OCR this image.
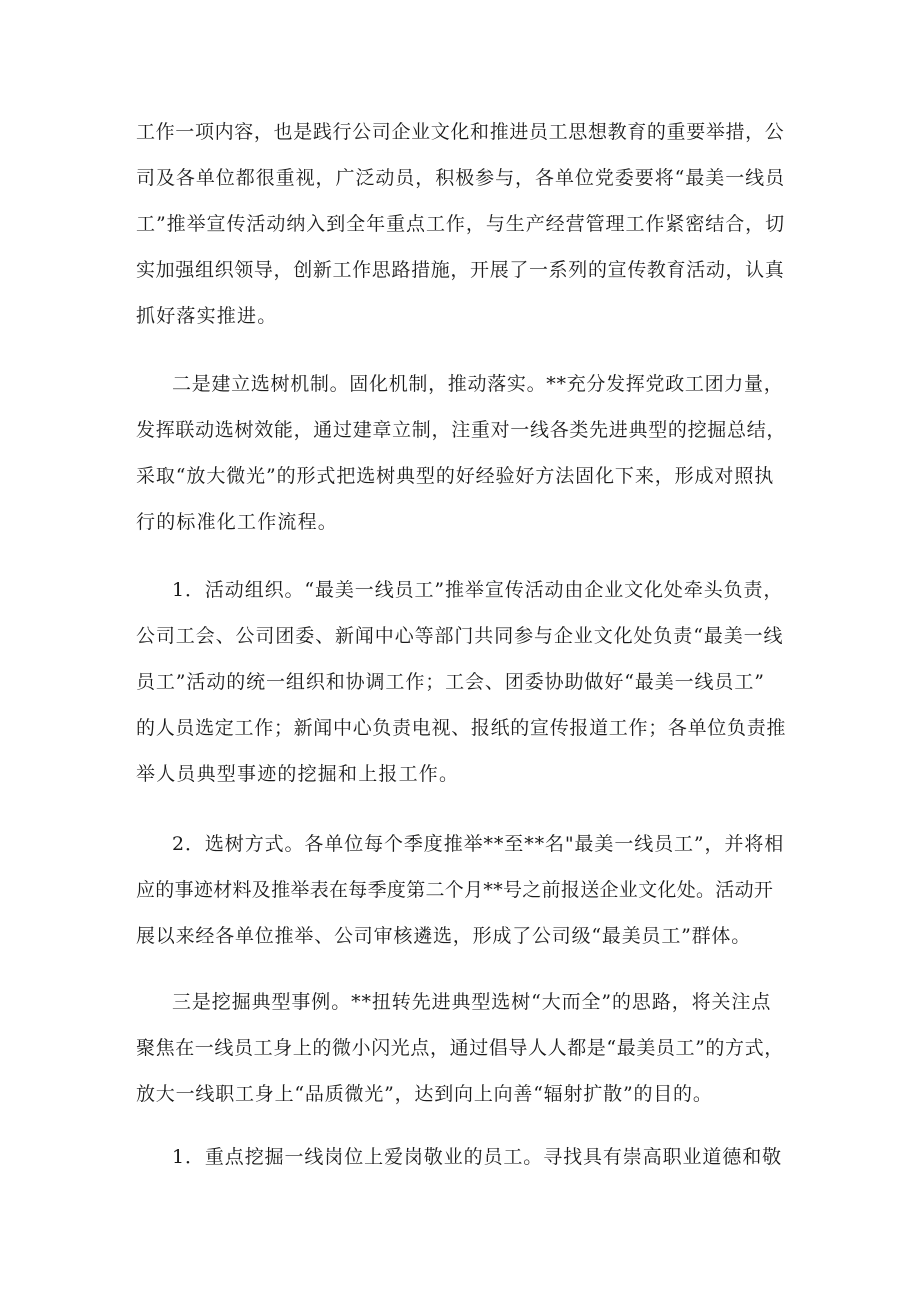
工作一项内容，也是践行公司企业文化和推进员工思想教育的重要举措，公
司及各单位都很重视，广泛动员，积极参与，各单位党委要将“最美一线员
工”推举宣传活动纳入到全年重点工作，与生产经营管理工作紧密结合，切
实加强组织领导，创新工作思路措施，开展了一系列的宣传教育活动，认真
抓好落实推进。
二是建立选树机制。固化机制，推动落实。**充分发挥党政工团力量，
发挥联动选树效能，通过建章立制，注重对一线各类先进典型的挖掘总结，
采取“放大微光”的形式把选树典型的好经验好方法固化下来，形成对照执
行的标准化工作流程。
1．活动组织。“最美一线员工”推举宣传活动由企业文化处牵头负责，
公司工会、公司团委、新闻中心等部门共同参与企业文化处负责“最美一线
员工”活动的统一组织和协调工作；工会、团委协助做好“最美一线员工”
的人员选定工作；新闻中心负责电视、报纸的宣传报道工作；各单位负责推
举人员典型事迹的挖掘和上报工作。
2．选树方式。各单位每个季度推举**至**名"最美一线员工”，并将相
应的事迹材料及推举表在每季度第二个月**号之前报送企业文化处。活动开
展以来经各单位推举、公司审核遴选，形成了公司级“最美员工”群体。
三是挖掘典型事例。**扭转先进典型选树“大而全”的思路，将关注点
聚焦在一线员工身上的微小闪光点，通过倡导人人都是“最美员工”的方式，
放大一线职工身上“品质微光”，达到向上向善“辐射扩散”的目的。
1．重点挖掘一线岗位上爱岗敬业的员工。寻找具有崇高职业道德和敬
